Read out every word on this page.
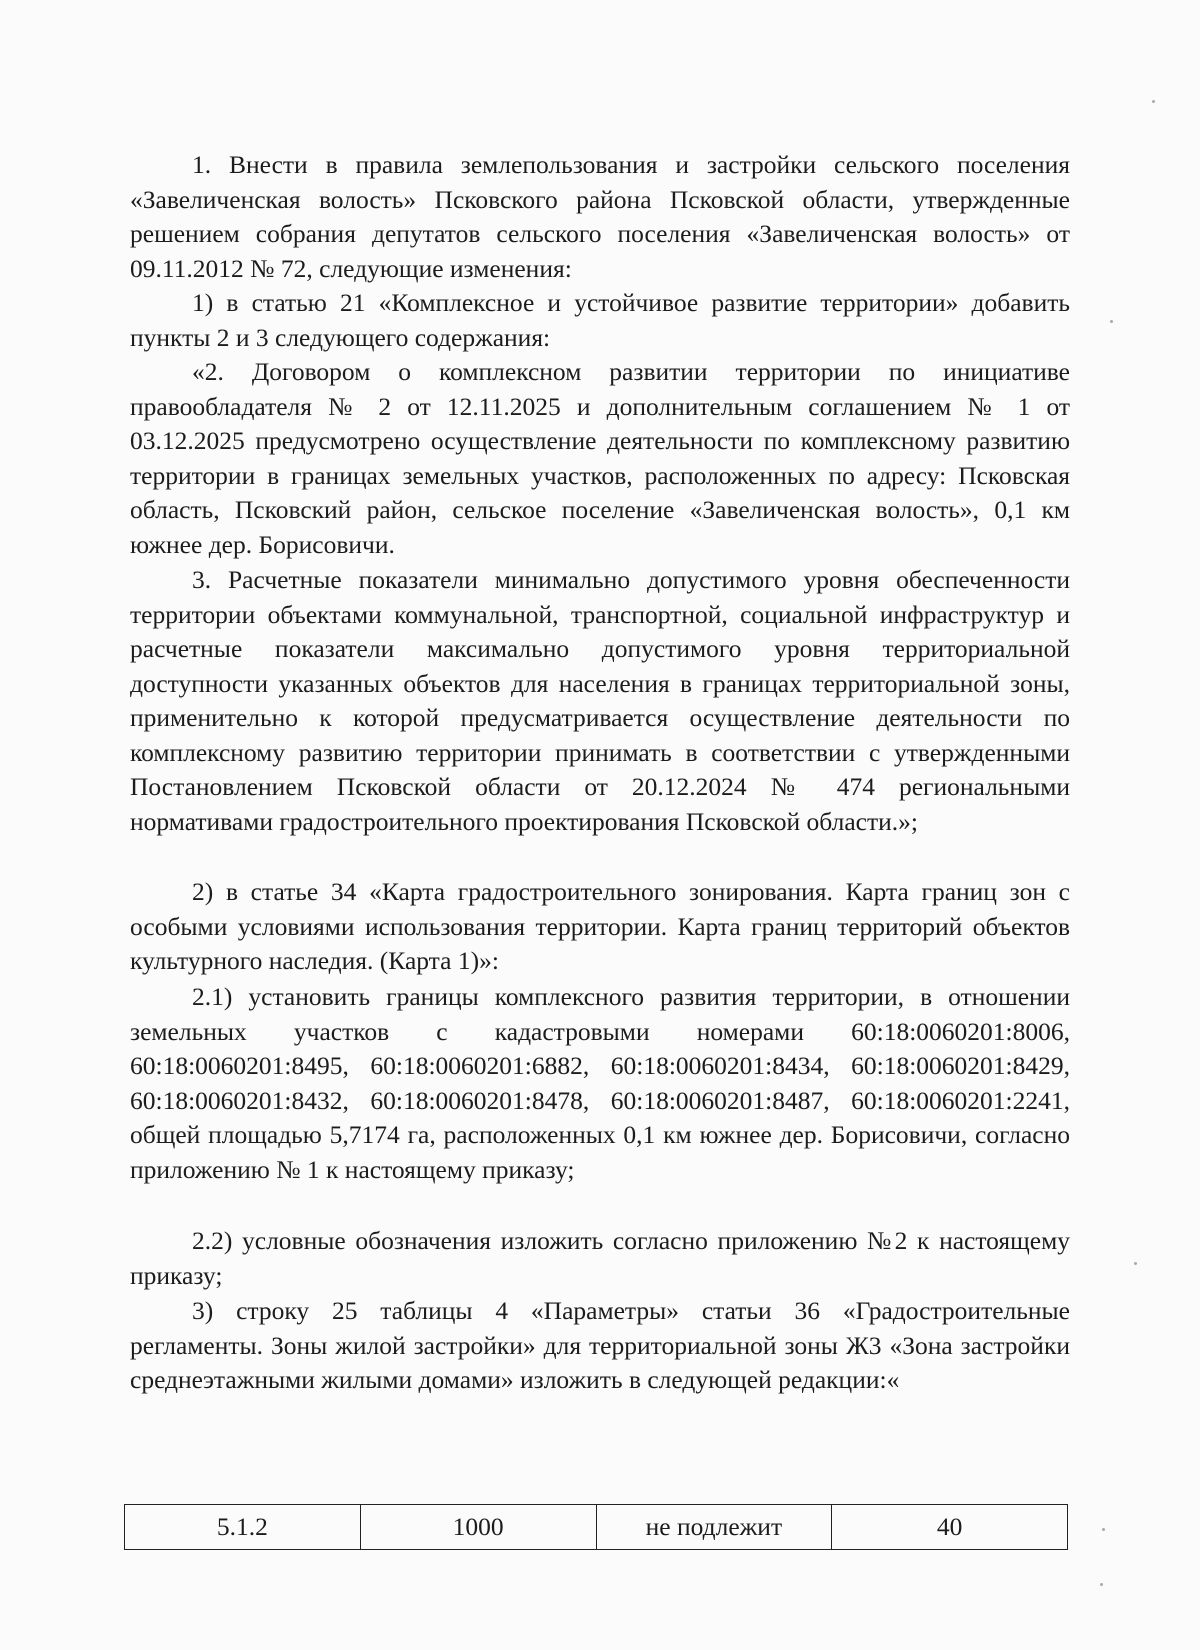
1. Внести в правила землепользования и застройки сельского поселения «Завеличенская волость» Псковского района Псковской области, утвержденные решением собрания депутатов сельского поселения «Завеличенская волость» от 09.11.2012 № 72, следующие изменения:

1) в статью 21 «Комплексное и устойчивое развитие территории» добавить пункты 2 и 3 следующего содержания:

«2. Договором о комплексном развитии территории по инициативе правообладателя № 2 от 12.11.2025 и дополнительным соглашением № 1 от 03.12.2025 предусмотрено осуществление деятельности по комплексному развитию территории в границах земельных участков, расположенных по адресу: Псковская область, Псковский район, сельское поселение «Завеличенская волость», 0,1 км южнее дер. Борисовичи.

3. Расчетные показатели минимально допустимого уровня обеспеченности территории объектами коммунальной, транспортной, социальной инфраструктур и расчетные показатели максимально допустимого уровня территориальной доступности указанных объектов для населения в границах территориальной зоны, применительно к которой предусматривается осуществление деятельности по комплексному развитию территории принимать в соответствии с утвержденными Постановлением Псковской области от 20.12.2024 № 474 региональными нормативами градостроительного проектирования Псковской области.»;

2) в статье 34 «Карта градостроительного зонирования. Карта границ зон с особыми условиями использования территории. Карта границ территорий объектов культурного наследия. (Карта 1)»:

2.1) установить границы комплексного развития территории, в отношении земельных участков с кадастровыми номерами 60:18:0060201:8006, 60:18:0060201:8495, 60:18:0060201:6882, 60:18:0060201:8434, 60:18:0060201:8429, 60:18:0060201:8432, 60:18:0060201:8478, 60:18:0060201:8487, 60:18:0060201:2241, общей площадью 5,7174 га, расположенных 0,1 км южнее дер. Борисовичи, согласно приложению № 1 к настоящему приказу;

2.2) условные обозначения изложить согласно приложению №2 к настоящему приказу;

3) строку 25 таблицы 4 «Параметры» статьи 36 «Градостроительные регламенты. Зоны жилой застройки» для территориальной зоны Ж3 «Зона застройки среднеэтажными жилыми домами» изложить в следующей редакции:«

5.1.2	1000	не подлежит	40
